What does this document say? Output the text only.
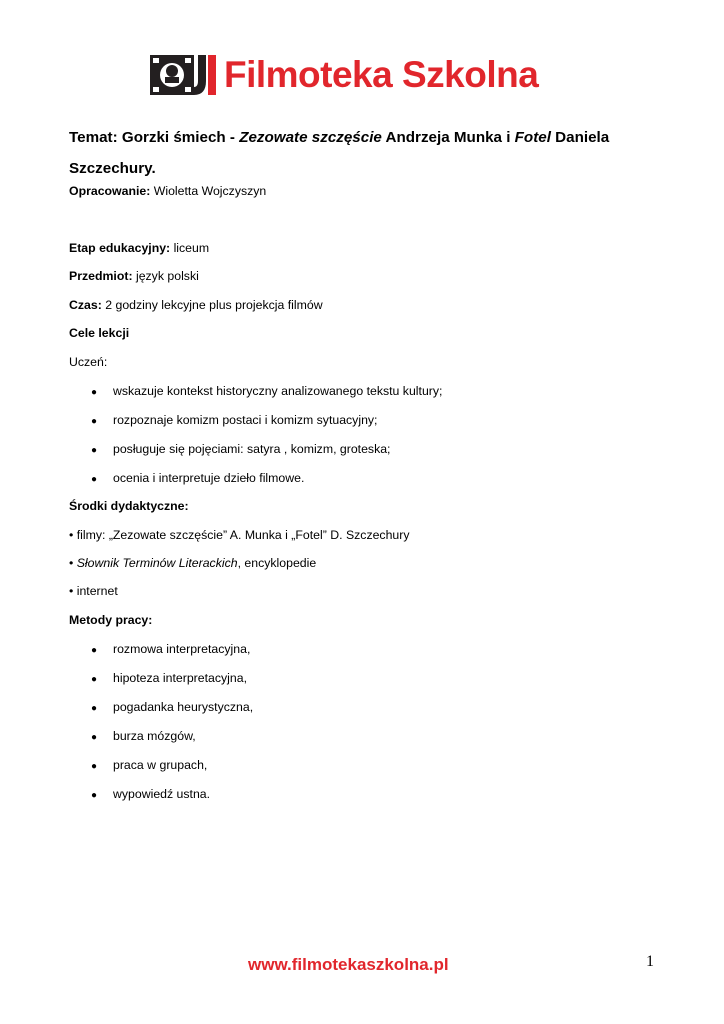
Filmoteka Szkolna
Temat: Gorzki śmiech - Zezowate szczęście Andrzeja Munka i Fotel Daniela Szczechury.
Opracowanie: Wioletta Wojczyszyn
Etap edukacyjny: liceum
Przedmiot: język polski
Czas: 2 godziny lekcyjne plus projekcja filmów
Cele lekcji
Uczeń:
● wskazuje kontekst historyczny analizowanego tekstu kultury;
● rozpoznaje komizm postaci i komizm sytuacyjny;
● posługuje się pojęciami: satyra , komizm, groteska;
● ocenia i interpretuje dzieło filmowe.
Środki dydaktyczne:
• filmy: „Zezowate szczęście” A. Munka i „Fotel” D. Szczechury
• Słownik Terminów Literackich, encyklopedie
• internet
Metody pracy:
● rozmowa interpretacyjna,
● hipoteza interpretacyjna,
● pogadanka heurystyczna,
● burza mózgów,
● praca w grupach,
● wypowiedź ustna.
www.filmotekaszkolna.pl	1
